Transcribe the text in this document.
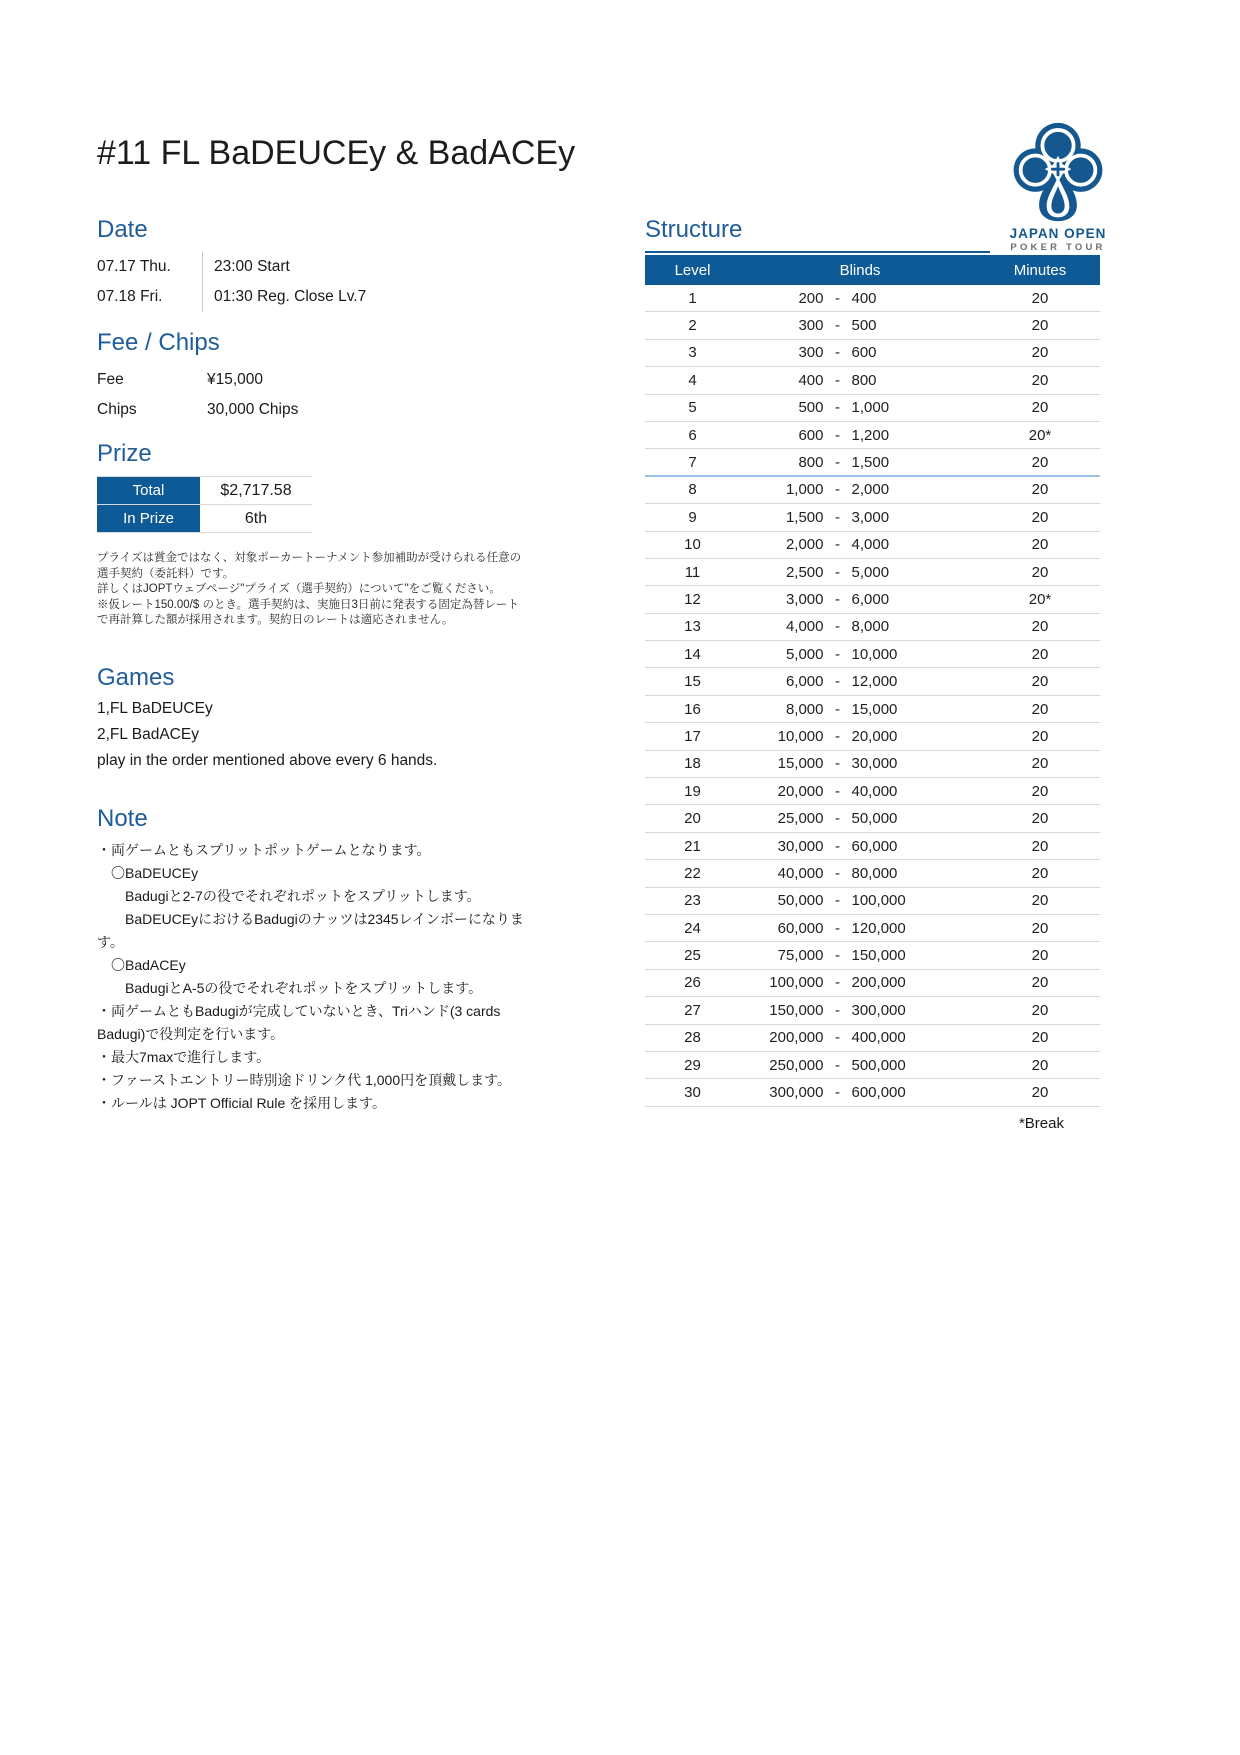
#11 FL BaDEUCEy & BadACEy
JAPAN OPEN
POKER TOUR
Date
07.17 Thu.	23:00 Start
07.18 Fri.	01:30 Reg. Close Lv.7
Fee / Chips
Fee	¥15,000
Chips	30,000 Chips
Prize
Total	$2,717.58
In Prize	6th
プライズは賞金ではなく、対象ポーカートーナメント参加補助が受けられる任意の選手契約（委託料）です。
詳しくはJOPTウェブページ"プライズ（選手契約）について"をご覧ください。
※仮レート150.00/$ のとき。選手契約は、実施日3日前に発表する固定為替レートで再計算した額が採用されます。契約日のレートは適応されません。
Games
1,FL BaDEUCEy
2,FL BadACEy
play in the order mentioned above every 6 hands.
Note
・両ゲームともスプリットポットゲームとなります。
　〇BaDEUCEy
　　Badugiと2-7の役でそれぞれポットをスプリットします。
　　BaDEUCEyにおけるBadugiのナッツは2345レインボーになります。
　〇BadACEy
　　BadugiとA-5の役でそれぞれポットをスプリットします。
・両ゲームともBadugiが完成していないとき、Triハンド(3 cards Badugi)で役判定を行います。
・最大7maxで進行します。
・ファーストエントリー時別途ドリンク代 1,000円を頂戴します。
・ルールは JOPT Official Rule を採用します。
Structure
Level	Blinds	Minutes
1	200 - 400	20
2	300 - 500	20
3	300 - 600	20
4	400 - 800	20
5	500 - 1,000	20
6	600 - 1,200	20*
7	800 - 1,500	20
8	1,000 - 2,000	20
9	1,500 - 3,000	20
10	2,000 - 4,000	20
11	2,500 - 5,000	20
12	3,000 - 6,000	20*
13	4,000 - 8,000	20
14	5,000 - 10,000	20
15	6,000 - 12,000	20
16	8,000 - 15,000	20
17	10,000 - 20,000	20
18	15,000 - 30,000	20
19	20,000 - 40,000	20
20	25,000 - 50,000	20
21	30,000 - 60,000	20
22	40,000 - 80,000	20
23	50,000 - 100,000	20
24	60,000 - 120,000	20
25	75,000 - 150,000	20
26	100,000 - 200,000	20
27	150,000 - 300,000	20
28	200,000 - 400,000	20
29	250,000 - 500,000	20
30	300,000 - 600,000	20
*Break
